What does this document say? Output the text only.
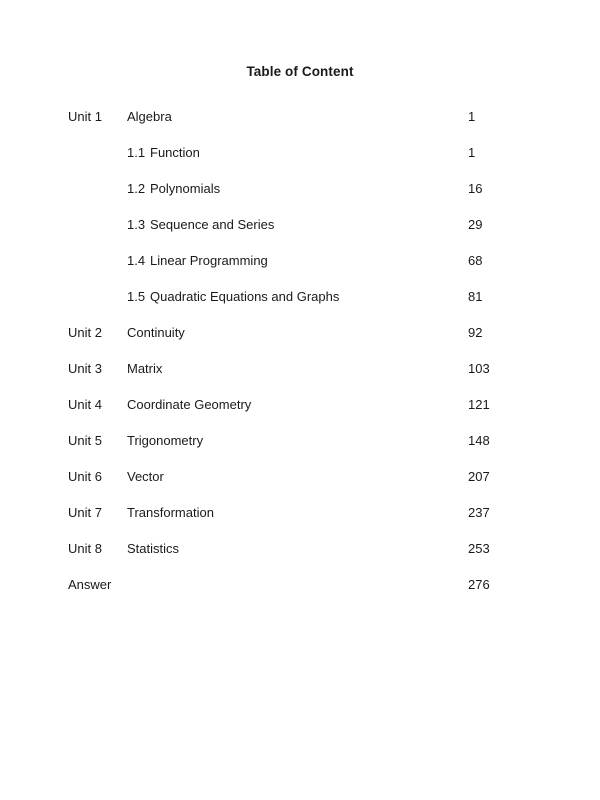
Table of Content
Unit 1 Algebra	1
1.1 Function	1
1.2 Polynomials	16
1.3 Sequence and Series	29
1.4 Linear Programming	68
1.5 Quadratic Equations and Graphs	81
Unit 2 Continuity	92
Unit 3 Matrix	103
Unit 4 Coordinate Geometry	121
Unit 5 Trigonometry	148
Unit 6 Vector	207
Unit 7 Transformation	237
Unit 8 Statistics	253
Answer	276
